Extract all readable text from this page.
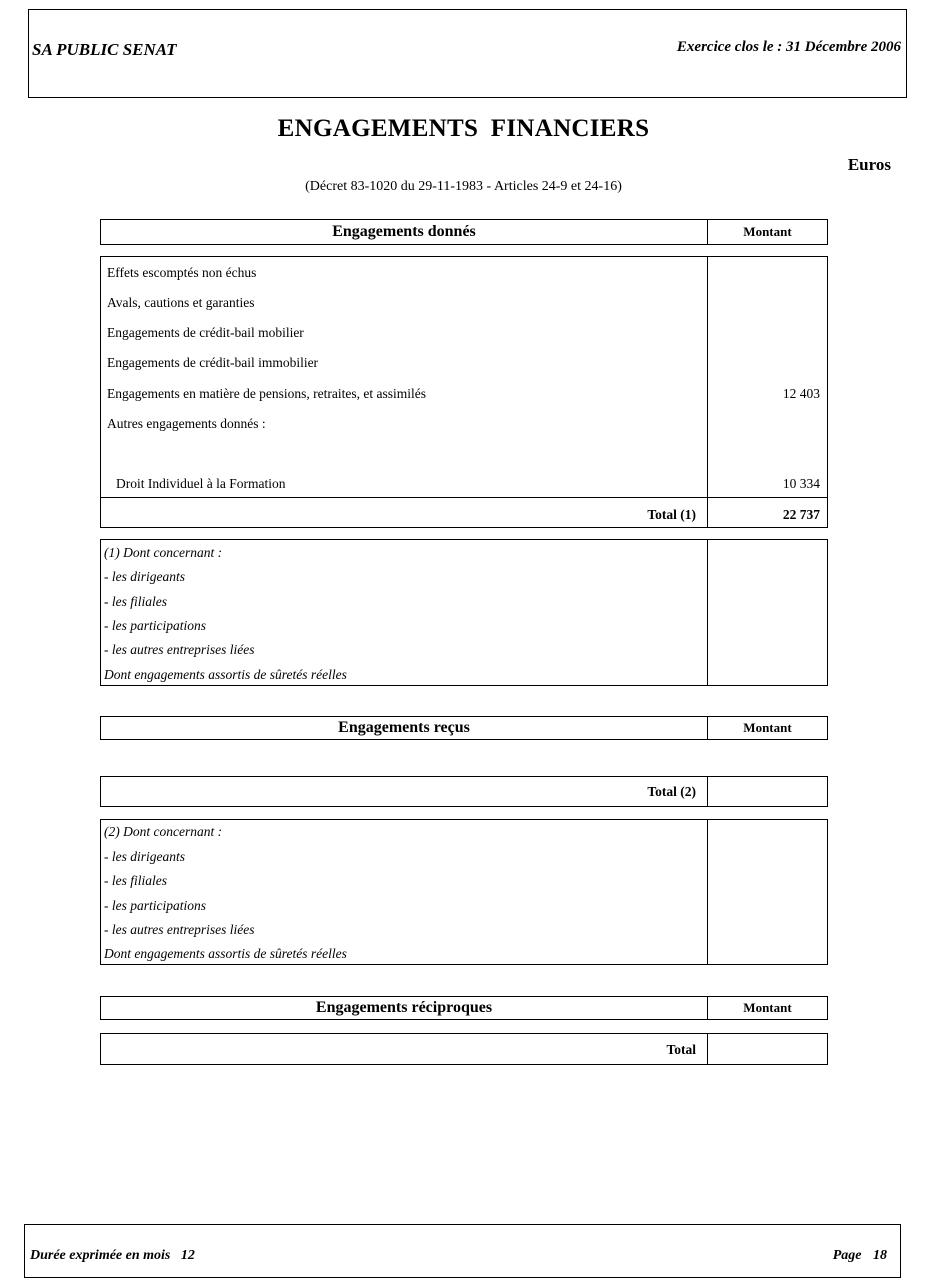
SA PUBLIC SENAT	Exercice clos le : 31 Décembre 2006
ENGAGEMENTS FINANCIERS
Euros
(Décret 83-1020 du 29-11-1983 - Articles 24-9 et 24-16)
Engagements donnés	Montant
Effets escomptés non échus
Avals, cautions et garanties
Engagements de crédit-bail mobilier
Engagements de crédit-bail immobilier
Engagements en matière de pensions, retraites, et assimilés	12 403
Autres engagements donnés :
Droit Individuel à la Formation	10 334
Total (1)	22 737
(1) Dont concernant :
- les dirigeants
- les filiales
- les participations
- les autres entreprises liées
Dont engagements assortis de sûretés réelles
Engagements reçus	Montant
Total (2)
(2) Dont concernant :
- les dirigeants
- les filiales
- les participations
- les autres entreprises liées
Dont engagements assortis de sûretés réelles
Engagements réciproques	Montant
Total
Durée exprimée en mois   12	Page 18
